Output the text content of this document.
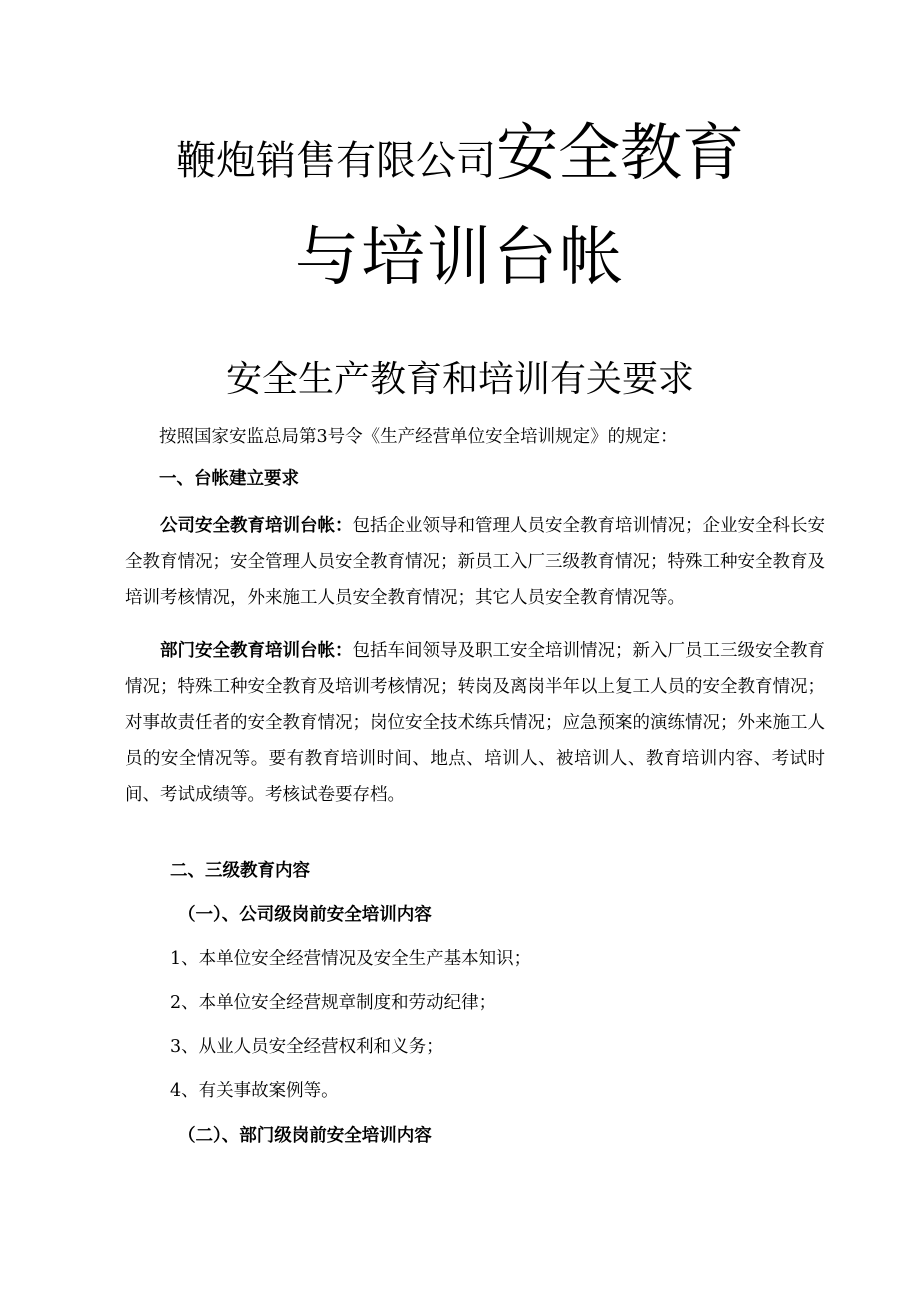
鞭炮销售有限公司安全教育
与培训台帐
安全生产教育和培训有关要求

按照国家安监总局第3号令《生产经营单位安全培训规定》的规定：

一、台帐建立要求

公司安全教育培训台帐：包括企业领导和管理人员安全教育培训情况；企业安全科长安全教育情况；安全管理人员安全教育情况；新员工入厂三级教育情况；特殊工种安全教育及培训考核情况，外来施工人员安全教育情况；其它人员安全教育情况等。

部门安全教育培训台帐：包括车间领导及职工安全培训情况；新入厂员工三级安全教育情况；特殊工种安全教育及培训考核情况；转岗及离岗半年以上复工人员的安全教育情况；对事故责任者的安全教育情况；岗位安全技术练兵情况；应急预案的演练情况；外来施工人员的安全情况等。要有教育培训时间、地点、培训人、被培训人、教育培训内容、考试时间、考试成绩等。考核试卷要存档。

二、三级教育内容

（一）、公司级岗前安全培训内容

1、本单位安全经营情况及安全生产基本知识；

2、本单位安全经营规章制度和劳动纪律；

3、从业人员安全经营权利和义务；

4、有关事故案例等。

（二）、部门级岗前安全培训内容
